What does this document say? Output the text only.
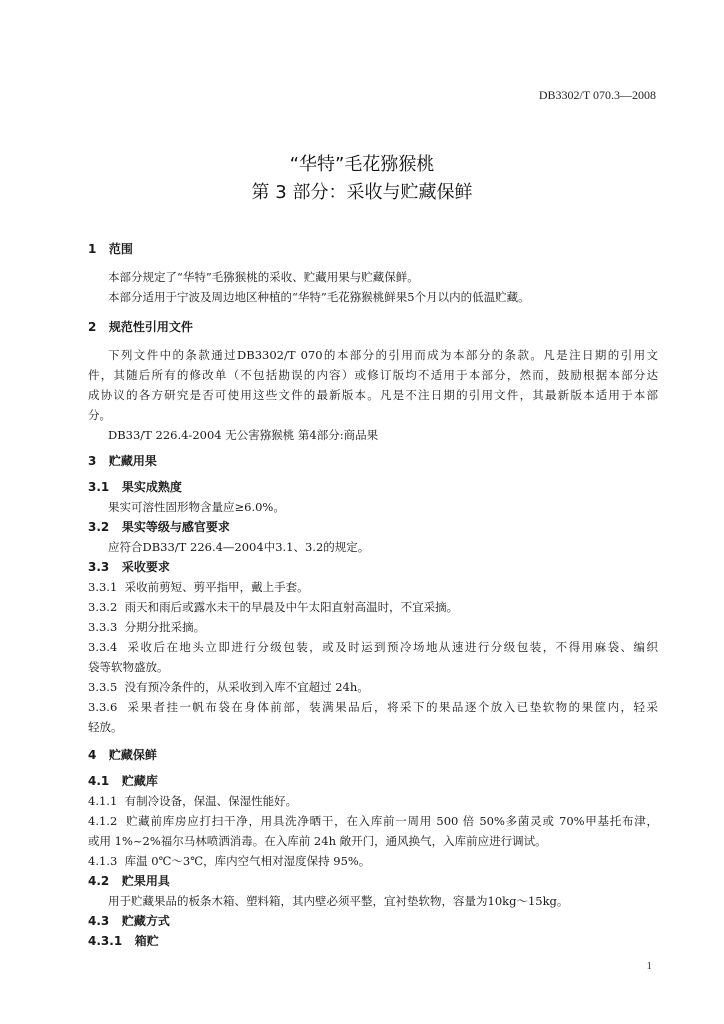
DB3302/T 070.3—2008
“华特”毛花猕猴桃
第 3 部分：采收与贮藏保鲜
1 范围
本部分规定了“华特”毛猕猴桃的采收、贮藏用果与贮藏保鲜。
本部分适用于宁波及周边地区种植的“华特”毛花猕猴桃鲜果5个月以内的低温贮藏。
2 规范性引用文件
下列文件中的条款通过DB3302/T 070的本部分的引用而成为本部分的条款。凡是注日期的引用文
件，其随后所有的修改单（不包括勘误的内容）或修订版均不适用于本部分，然而，鼓励根据本部分达
成协议的各方研究是否可使用这些文件的最新版本。凡是不注日期的引用文件，其最新版本适用于本部
分。
DB33/T 226.4-2004 无公害猕猴桃 第4部分:商品果
3 贮藏用果
3.1 果实成熟度
果实可溶性固形物含量应≥6.0%。
3.2 果实等级与感官要求
应符合DB33/T 226.4—2004中3.1、3.2的规定。
3.3 采收要求
3.3.1 采收前剪短、剪平指甲，戴上手套。
3.3.2 雨天和雨后或露水未干的早晨及中午太阳直射高温时，不宜采摘。
3.3.3 分期分批采摘。
3.3.4 采收后在地头立即进行分级包装，或及时运到预冷场地从速进行分级包装，不得用麻袋、编织
袋等软物盛放。
3.3.5 没有预冷条件的，从采收到入库不宜超过 24h。
3.3.6 采果者挂一帆布袋在身体前部，装满果品后，将采下的果品逐个放入已垫软物的果筐内，轻采
轻放。
4 贮藏保鲜
4.1 贮藏库
4.1.1 有制冷设备，保温、保湿性能好。
4.1.2 贮藏前库房应打扫干净，用具洗净晒干，在入库前一周用 500 倍 50%多菌灵或 70%甲基托布津，
或用 1%~2%福尔马林喷洒消毒。在入库前 24h 敞开门，通风换气，入库前应进行调试。
4.1.3 库温 0℃～3℃，库内空气相对湿度保持 95%。
4.2 贮果用具
用于贮藏果品的板条木箱、塑料箱，其内壁必须平整，宜衬垫软物，容量为10kg～15kg。
4.3 贮藏方式
4.3.1 箱贮
1
